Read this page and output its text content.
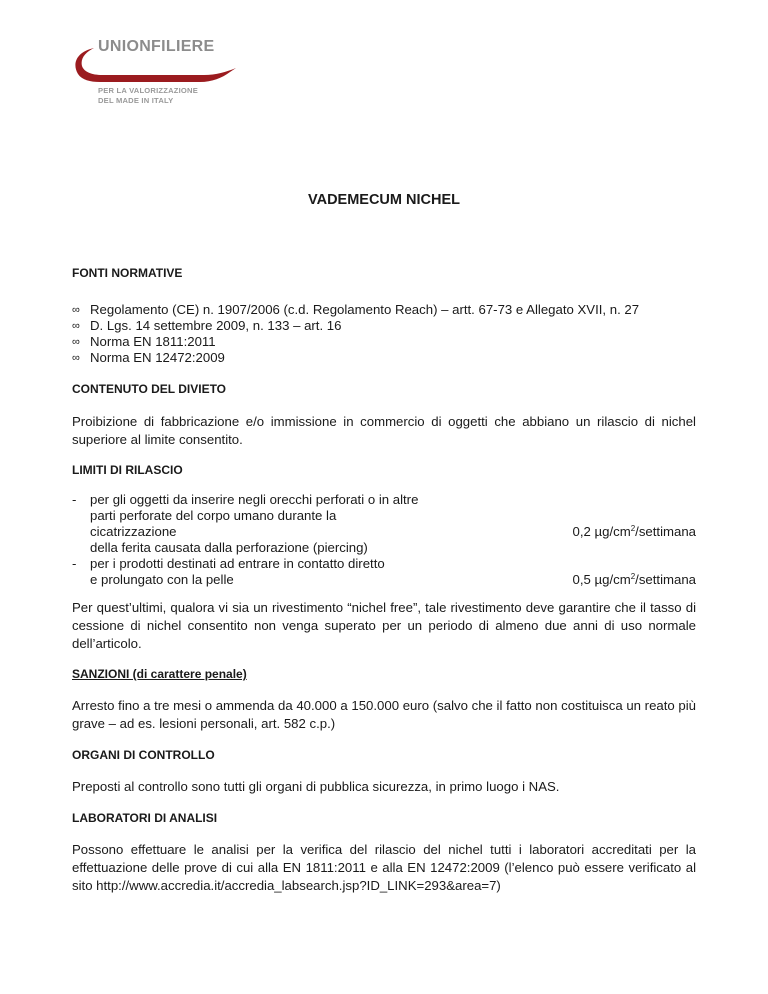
UNIONFILIERE
PER LA VALORIZZAZIONE
DEL MADE IN ITALY
VADEMECUM NICHEL
FONTI NORMATIVE
∞ Regolamento (CE) n. 1907/2006 (c.d. Regolamento Reach) – artt. 67-73 e Allegato XVII, n. 27
∞ D. Lgs. 14 settembre 2009, n. 133 – art. 16
∞ Norma EN 1811:2011
∞ Norma EN 12472:2009
CONTENUTO DEL DIVIETO

Proibizione di fabbricazione e/o immissione in commercio di oggetti che abbiano un rilascio di nichel superiore al limite consentito.

LIMITI DI RILASCIO
- per gli oggetti da inserire negli orecchi perforati o in altre
parti perforate del corpo umano durante la cicatrizzazione
della ferita causata dalla perforazione (piercing)
0,2 $\mu g/cm^2$/settimana
- per i prodotti destinati ad entrare in contatto diretto
e prolungato con la pelle	0,5 $\mu g/cm^2$/settimana

Per quest’ultimi, qualora vi sia un rivestimento “nichel free”, tale rivestimento deve garantire che il tasso di cessione di nichel consentito non venga superato per un periodo di almeno due anni di uso normale dell’articolo.

SANZIONI (di carattere penale)

Arresto fino a tre mesi o ammenda da 40.000 a 150.000 euro (salvo che il fatto non costituisca un reato più grave – ad es. lesioni personali, art. 582 c.p.)

ORGANI DI CONTROLLO

Preposti al controllo sono tutti gli organi di pubblica sicurezza, in primo luogo i NAS.

LABORATORI DI ANALISI

Possono effettuare le analisi per la verifica del rilascio del nichel tutti i laboratori accreditati per la effettuazione delle prove di cui alla EN 1811:2011 e alla EN 12472:2009 (l’elenco può essere verificato al sito http://www.accredia.it/accredia_labsearch.jsp?ID_LINK=293&area=7)
